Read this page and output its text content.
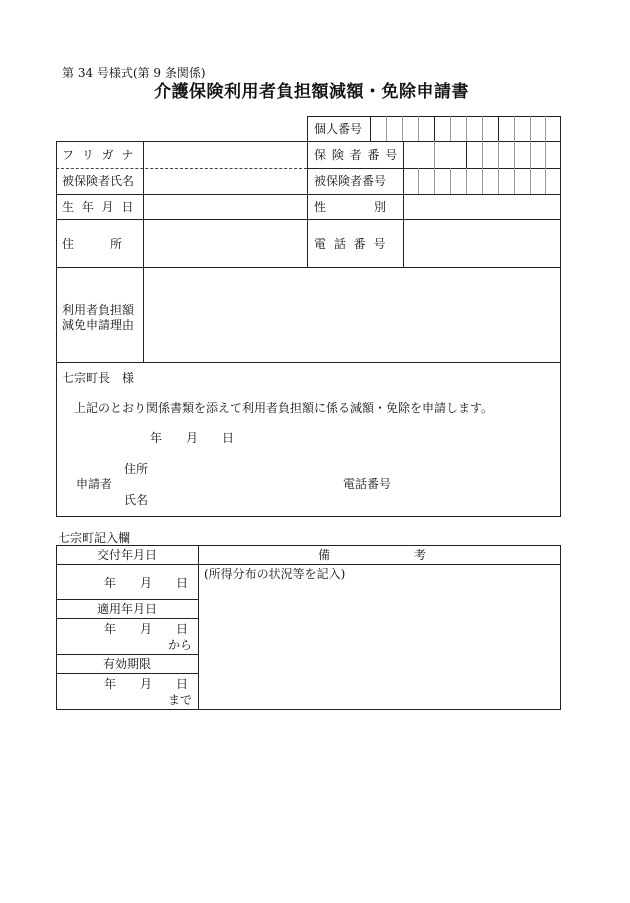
第 34 号様式(第 9 条関係)
介護保険利用者負担額減額・免除申請書
個人番号
フ リ ガ ナ
被保険者氏名
生 年 月 日
住　　　所
利用者負担額
減免申請理由
保 険 者 番 号
被保険者番号
性　　　　別
電 話 番 号
七宗町長　様
上記のとおり関係書類を添えて利用者負担額に係る減額・免除を申請します。
年　　月　　日
住所
申請者
氏名
電話番号
七宗町記入欄
交付年月日
年　　月　　日
適用年月日
年　　月　　日
から
有効期限
年　　月　　日
まで
備　　　　　　　考
(所得分布の状況等を記入)
